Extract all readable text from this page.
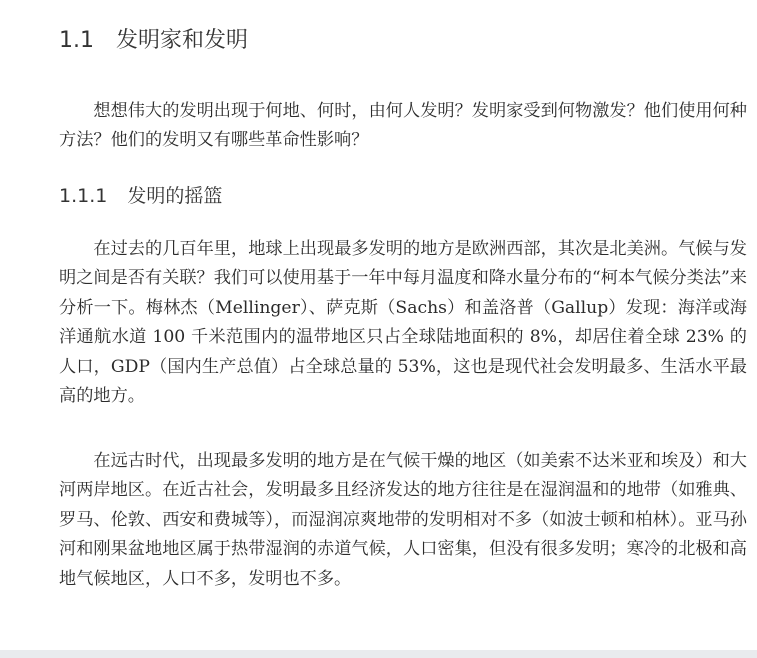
1.1 发明家和发明

想想伟大的发明出现于何地、何时，由何人发明？发明家受到何物激发？他们使用何种方法？他们的发明又有哪些革命性影响？

1.1.1 发明的摇篮

在过去的几百年里，地球上出现最多发明的地方是欧洲西部，其次是北美洲。气候与发明之间是否有关联？我们可以使用基于一年中每月温度和降水量分布的“柯本气候分类法”来分析一下。梅林杰（Mellinger）、萨克斯（Sachs）和盖洛普（Gallup）发现：海洋或海洋通航水道 100 千米范围内的温带地区只占全球陆地面积的 8%，却居住着全球 23% 的人口，GDP（国内生产总值）占全球总量的 53%，这也是现代社会发明最多、生活水平最高的地方。

在远古时代，出现最多发明的地方是在气候干燥的地区（如美索不达米亚和埃及）和大河两岸地区。在近古社会，发明最多且经济发达的地方往往是在湿润温和的地带（如雅典、罗马、伦敦、西安和费城等），而湿润凉爽地带的发明相对不多（如波士顿和柏林）。亚马孙河和刚果盆地地区属于热带湿润的赤道气候，人口密集，但没有很多发明；寒冷的北极和高地气候地区，人口不多，发明也不多。
